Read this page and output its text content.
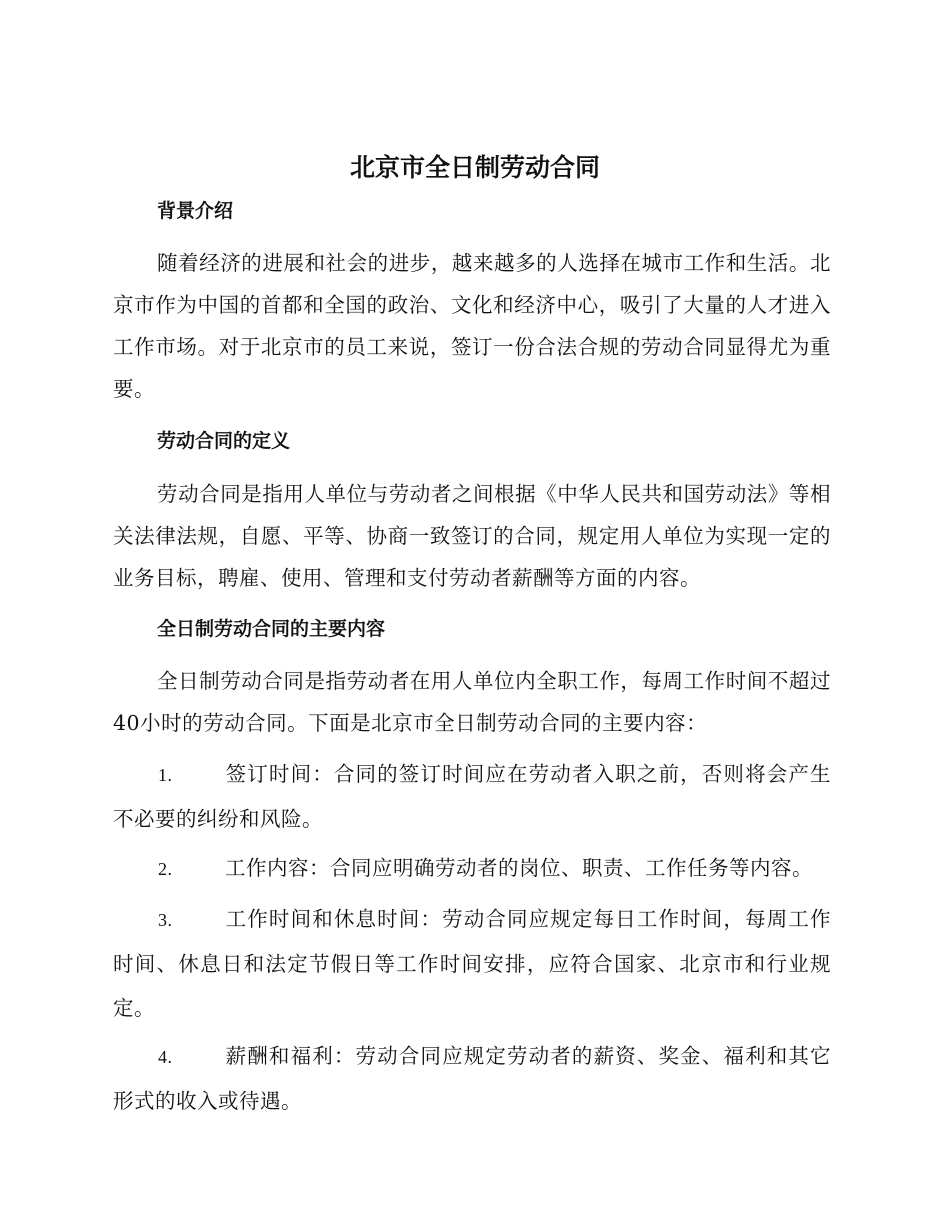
北京市全日制劳动合同
背景介绍

随着经济的进展和社会的进步，越来越多的人选择在城市工作和生活。北京市作为中国的首都和全国的政治、文化和经济中心，吸引了大量的人才进入工作市场。对于北京市的员工来说，签订一份合法合规的劳动合同显得尤为重要。

劳动合同的定义

劳动合同是指用人单位与劳动者之间根据《中华人民共和国劳动法》等相关法律法规，自愿、平等、协商一致签订的合同，规定用人单位为实现一定的业务目标，聘雇、使用、管理和支付劳动者薪酬等方面的内容。

全日制劳动合同的主要内容

全日制劳动合同是指劳动者在用人单位内全职工作，每周工作时间不超过40小时的劳动合同。下面是北京市全日制劳动合同的主要内容：

1.	签订时间：合同的签订时间应在劳动者入职之前，否则将会产生不必要的纠纷和风险。

2.	工作内容：合同应明确劳动者的岗位、职责、工作任务等内容。

3.	工作时间和休息时间：劳动合同应规定每日工作时间，每周工作时间、休息日和法定节假日等工作时间安排，应符合国家、北京市和行业规定。

4.	薪酬和福利：劳动合同应规定劳动者的薪资、奖金、福利和其它形式的收入或待遇。
